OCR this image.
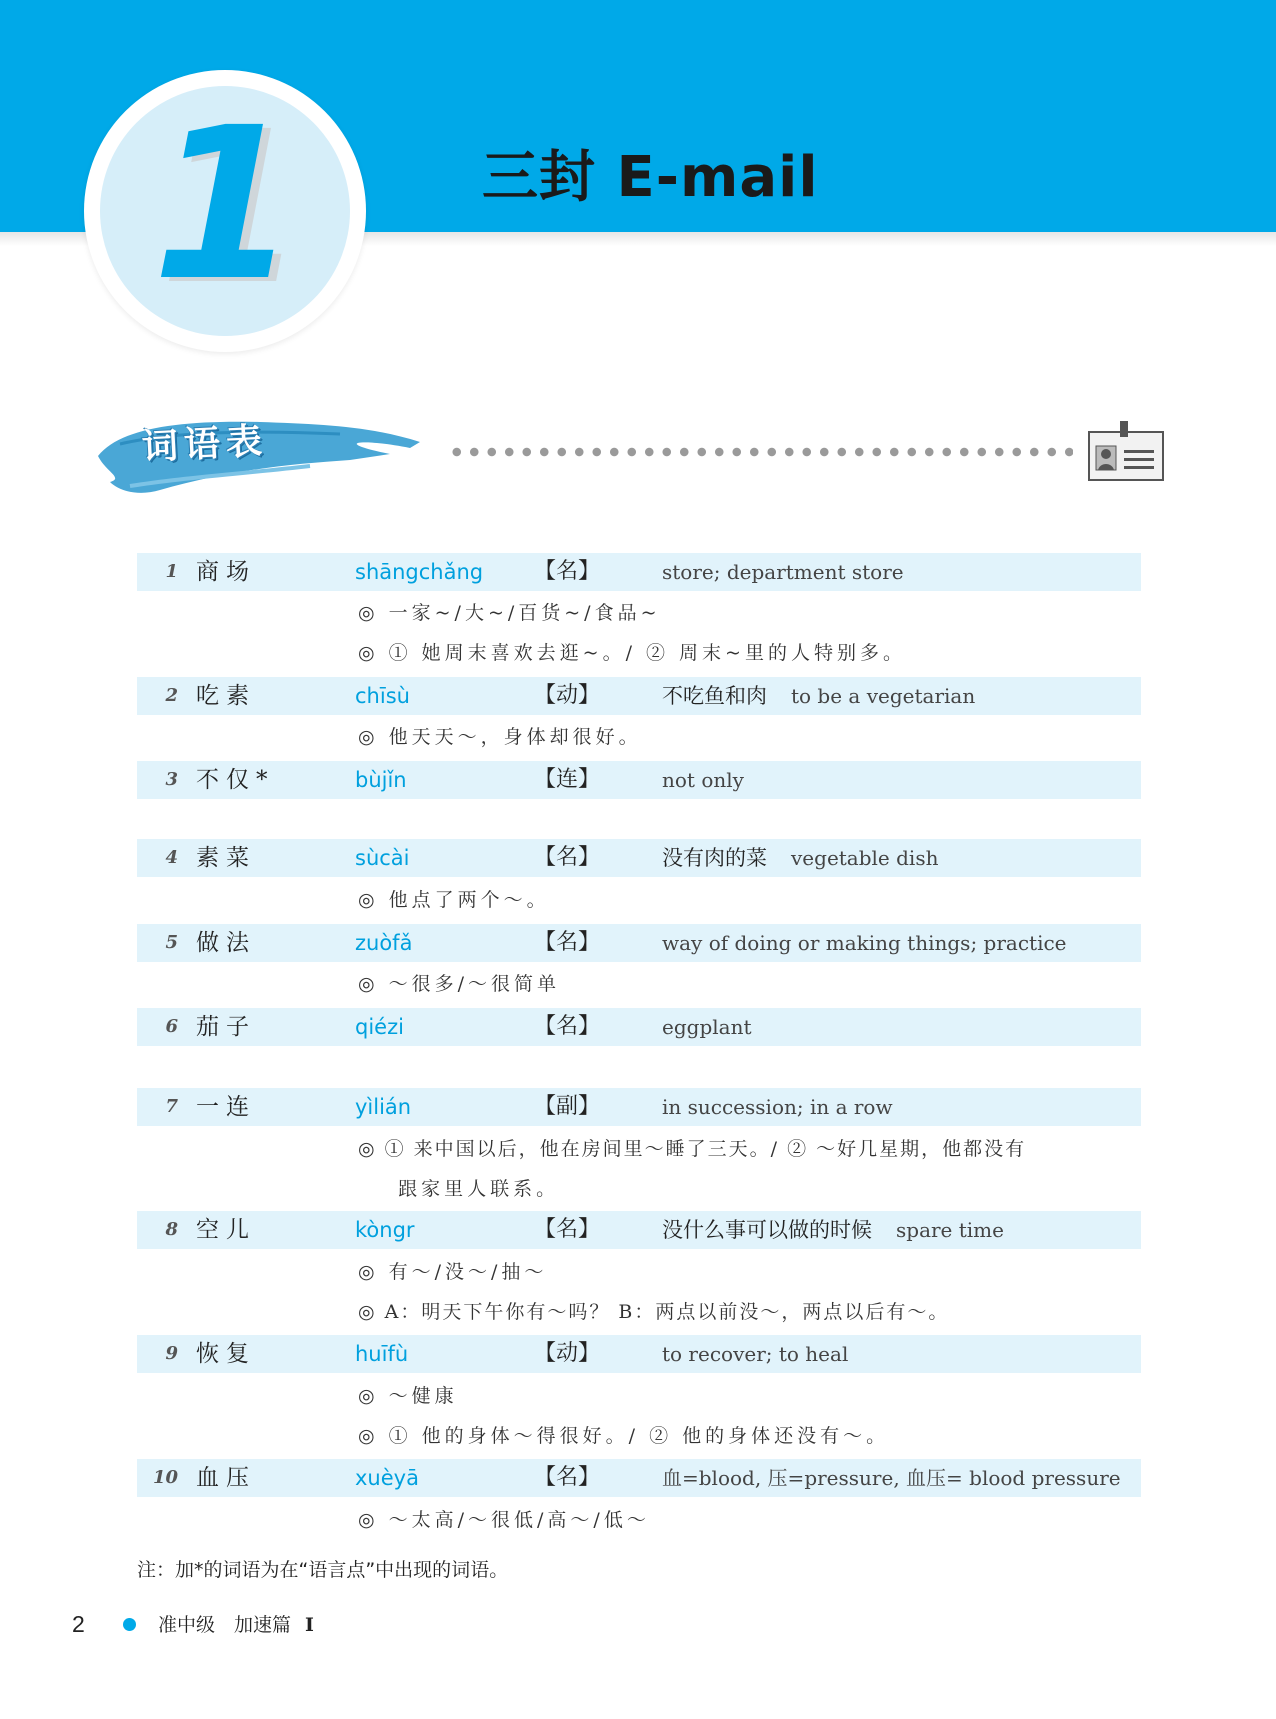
1	三封 E-mail
词语表
1 商场	shāngchǎng 【名】	store; department store
◎ 一家~/大~/百货~/食品~
◎ ① 她周末喜欢去逛~。/ ② 周末~里的人特别多。
2 吃素	chīsù	【动】	不吃鱼和肉 to be a vegetarian
◎ 他天天～，身体却很好。
3 不仅*	bùjǐn	【连】	not only
4 素菜	sùcài	【名】	没有肉的菜 vegetable dish
◎ 他点了两个～。
5 做法	zuòfǎ	【名】	way of doing or making things; practice
◎ ～很多/～很简单
6 茄子	qiézi	【名】	eggplant
7 一连	yìlián	【副】	in succession; in a row
◎ ① 来中国以后，他在房间里～睡了三天。/ ② ～好几星期，他都没有
跟家里人联系。
8 空儿	kòngr	【名】	没什么事可以做的时候 spare time
◎ 有～/没～/抽～
◎ A：明天下午你有～吗？ B：两点以前没～，两点以后有～。
9 恢复	huīfù	【动】	to recover; to heal
◎ ～健康
◎ ① 他的身体～得很好。/ ② 他的身体还没有～。
10 血压	xuèyā	【名】	血=blood, 压=pressure, 血压= blood pressure
◎ ～太高/～很低/高～/低～
注：加*的词语为在“语言点”中出现的词语。
2	准中级　加速篇 I
